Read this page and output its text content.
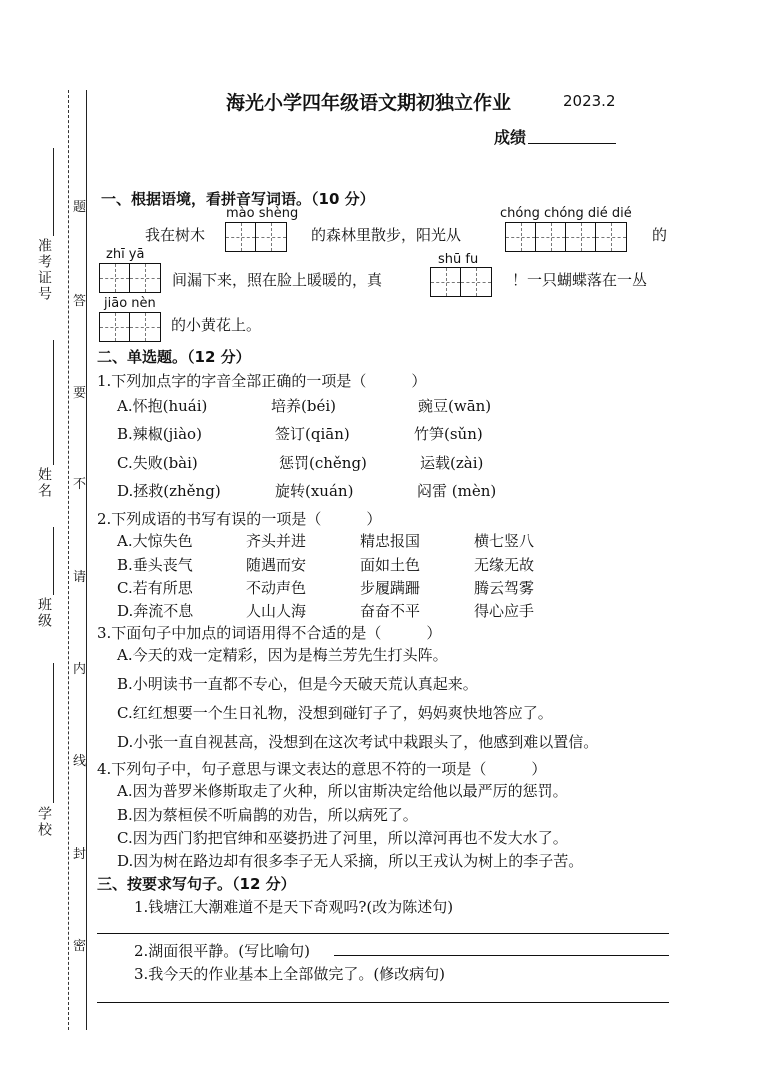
准考证号
姓名
班级
学校
题
答
要
不
请
内
线
封
密
海光小学四年级语文期初独立作业	2023.2
成绩
一、根据语境，看拼音写词语。（10 分）
mào shèng	chóng chóng dié dié
我在树木	的森林里散步，阳光从	的
zhī yā	shū fu
间漏下来，照在脸上暖暖的，真	！一只蝴蝶落在一丛
jiāo nèn
的小黄花上。
二、单选题。（12 分）
1.下列加点字的字音全部正确的一项是（　　　）
A.怀抱(huái)	培养(béi)	豌豆(wān)
B.辣椒(jiào)	签订(qiān)	竹笋(sǔn)
C.失败(bài)	惩罚(chěng)	运载(zài)
D.拯救(zhěng)	旋转(xuán)	闷雷 (mèn)
2.下列成语的书写有误的一项是（　　　）
A.大惊失色	齐头并进	精忠报国	横七竖八
B.垂头丧气	随遇而安	面如土色	无缘无故
C.若有所思	不动声色	步履蹒跚	腾云驾雾
D.奔流不息	人山人海	奋奋不平	得心应手
3.下面句子中加点的词语用得不合适的是（　　　）
A.今天的戏一定精彩，因为是梅兰芳先生打头阵。
B.小明读书一直都不专心，但是今天破天荒认真起来。
C.红红想要一个生日礼物，没想到碰钉子了，妈妈爽快地答应了。
D.小张一直自视甚高，没想到在这次考试中栽跟头了，他感到难以置信。
4.下列句子中，句子意思与课文表达的意思不符的一项是（　　　）
A.因为普罗米修斯取走了火种，所以宙斯决定给他以最严厉的惩罚。
B.因为蔡桓侯不听扁鹊的劝告，所以病死了。
C.因为西门豹把官绅和巫婆扔进了河里，所以漳河再也不发大水了。
D.因为树在路边却有很多李子无人采摘，所以王戎认为树上的李子苦。
三、按要求写句子。（12 分）
1.钱塘江大潮难道不是天下奇观吗?(改为陈述句)
2.湖面很平静。(写比喻句)
3.我今天的作业基本上全部做完了。(修改病句)
